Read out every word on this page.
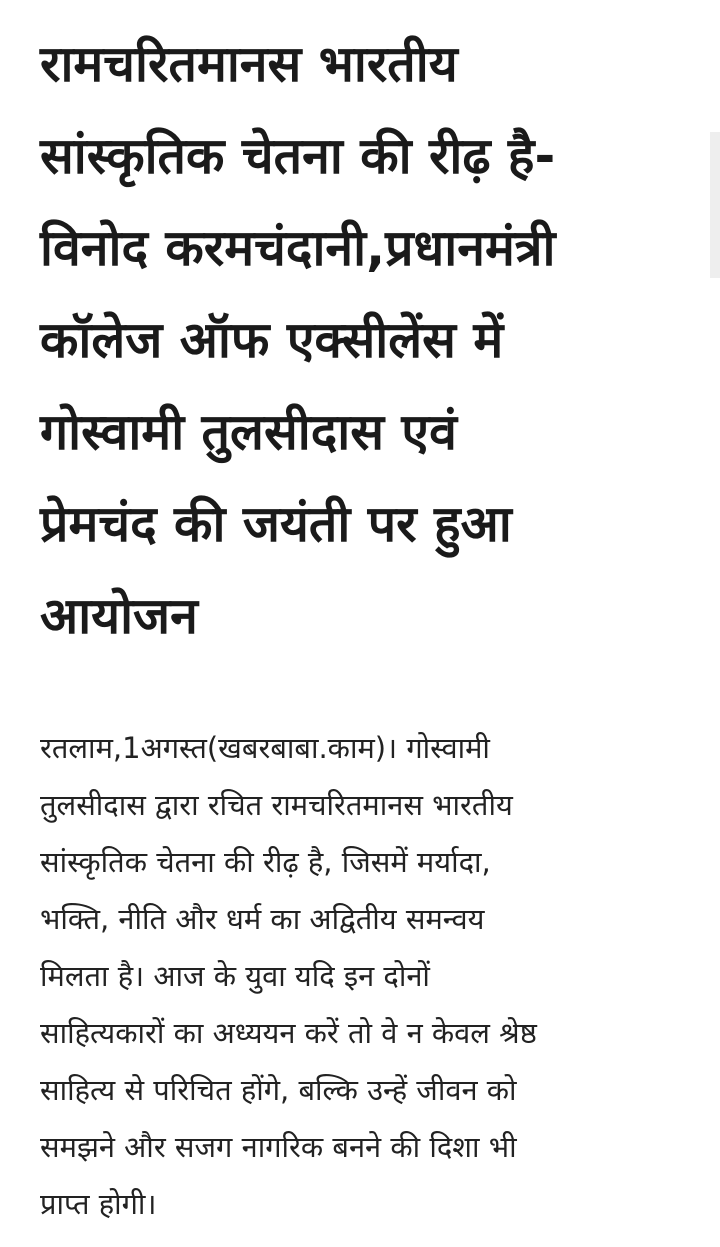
रामचरितमानस भारतीय
सांस्कृतिक चेतना की रीढ़ है-
विनोद करमचंदानी,प्रधानमंत्री
कॉलेज ऑफ एक्सीलेंस में
गोस्वामी तुलसीदास एवं
प्रेमचंद की जयंती पर हुआ
आयोजन

रतलाम,1अगस्त(खबरबाबा.काम)। गोस्वामी
तुलसीदास द्वारा रचित रामचरितमानस भारतीय
सांस्कृतिक चेतना की रीढ़ है, जिसमें मर्यादा,
भक्ति, नीति और धर्म का अद्वितीय समन्वय
मिलता है। आज के युवा यदि इन दोनों
साहित्यकारों का अध्ययन करें तो वे न केवल श्रेष्ठ
साहित्य से परिचित होंगे, बल्कि उन्हें जीवन को
समझने और सजग नागरिक बनने की दिशा भी
प्राप्त होगी।
